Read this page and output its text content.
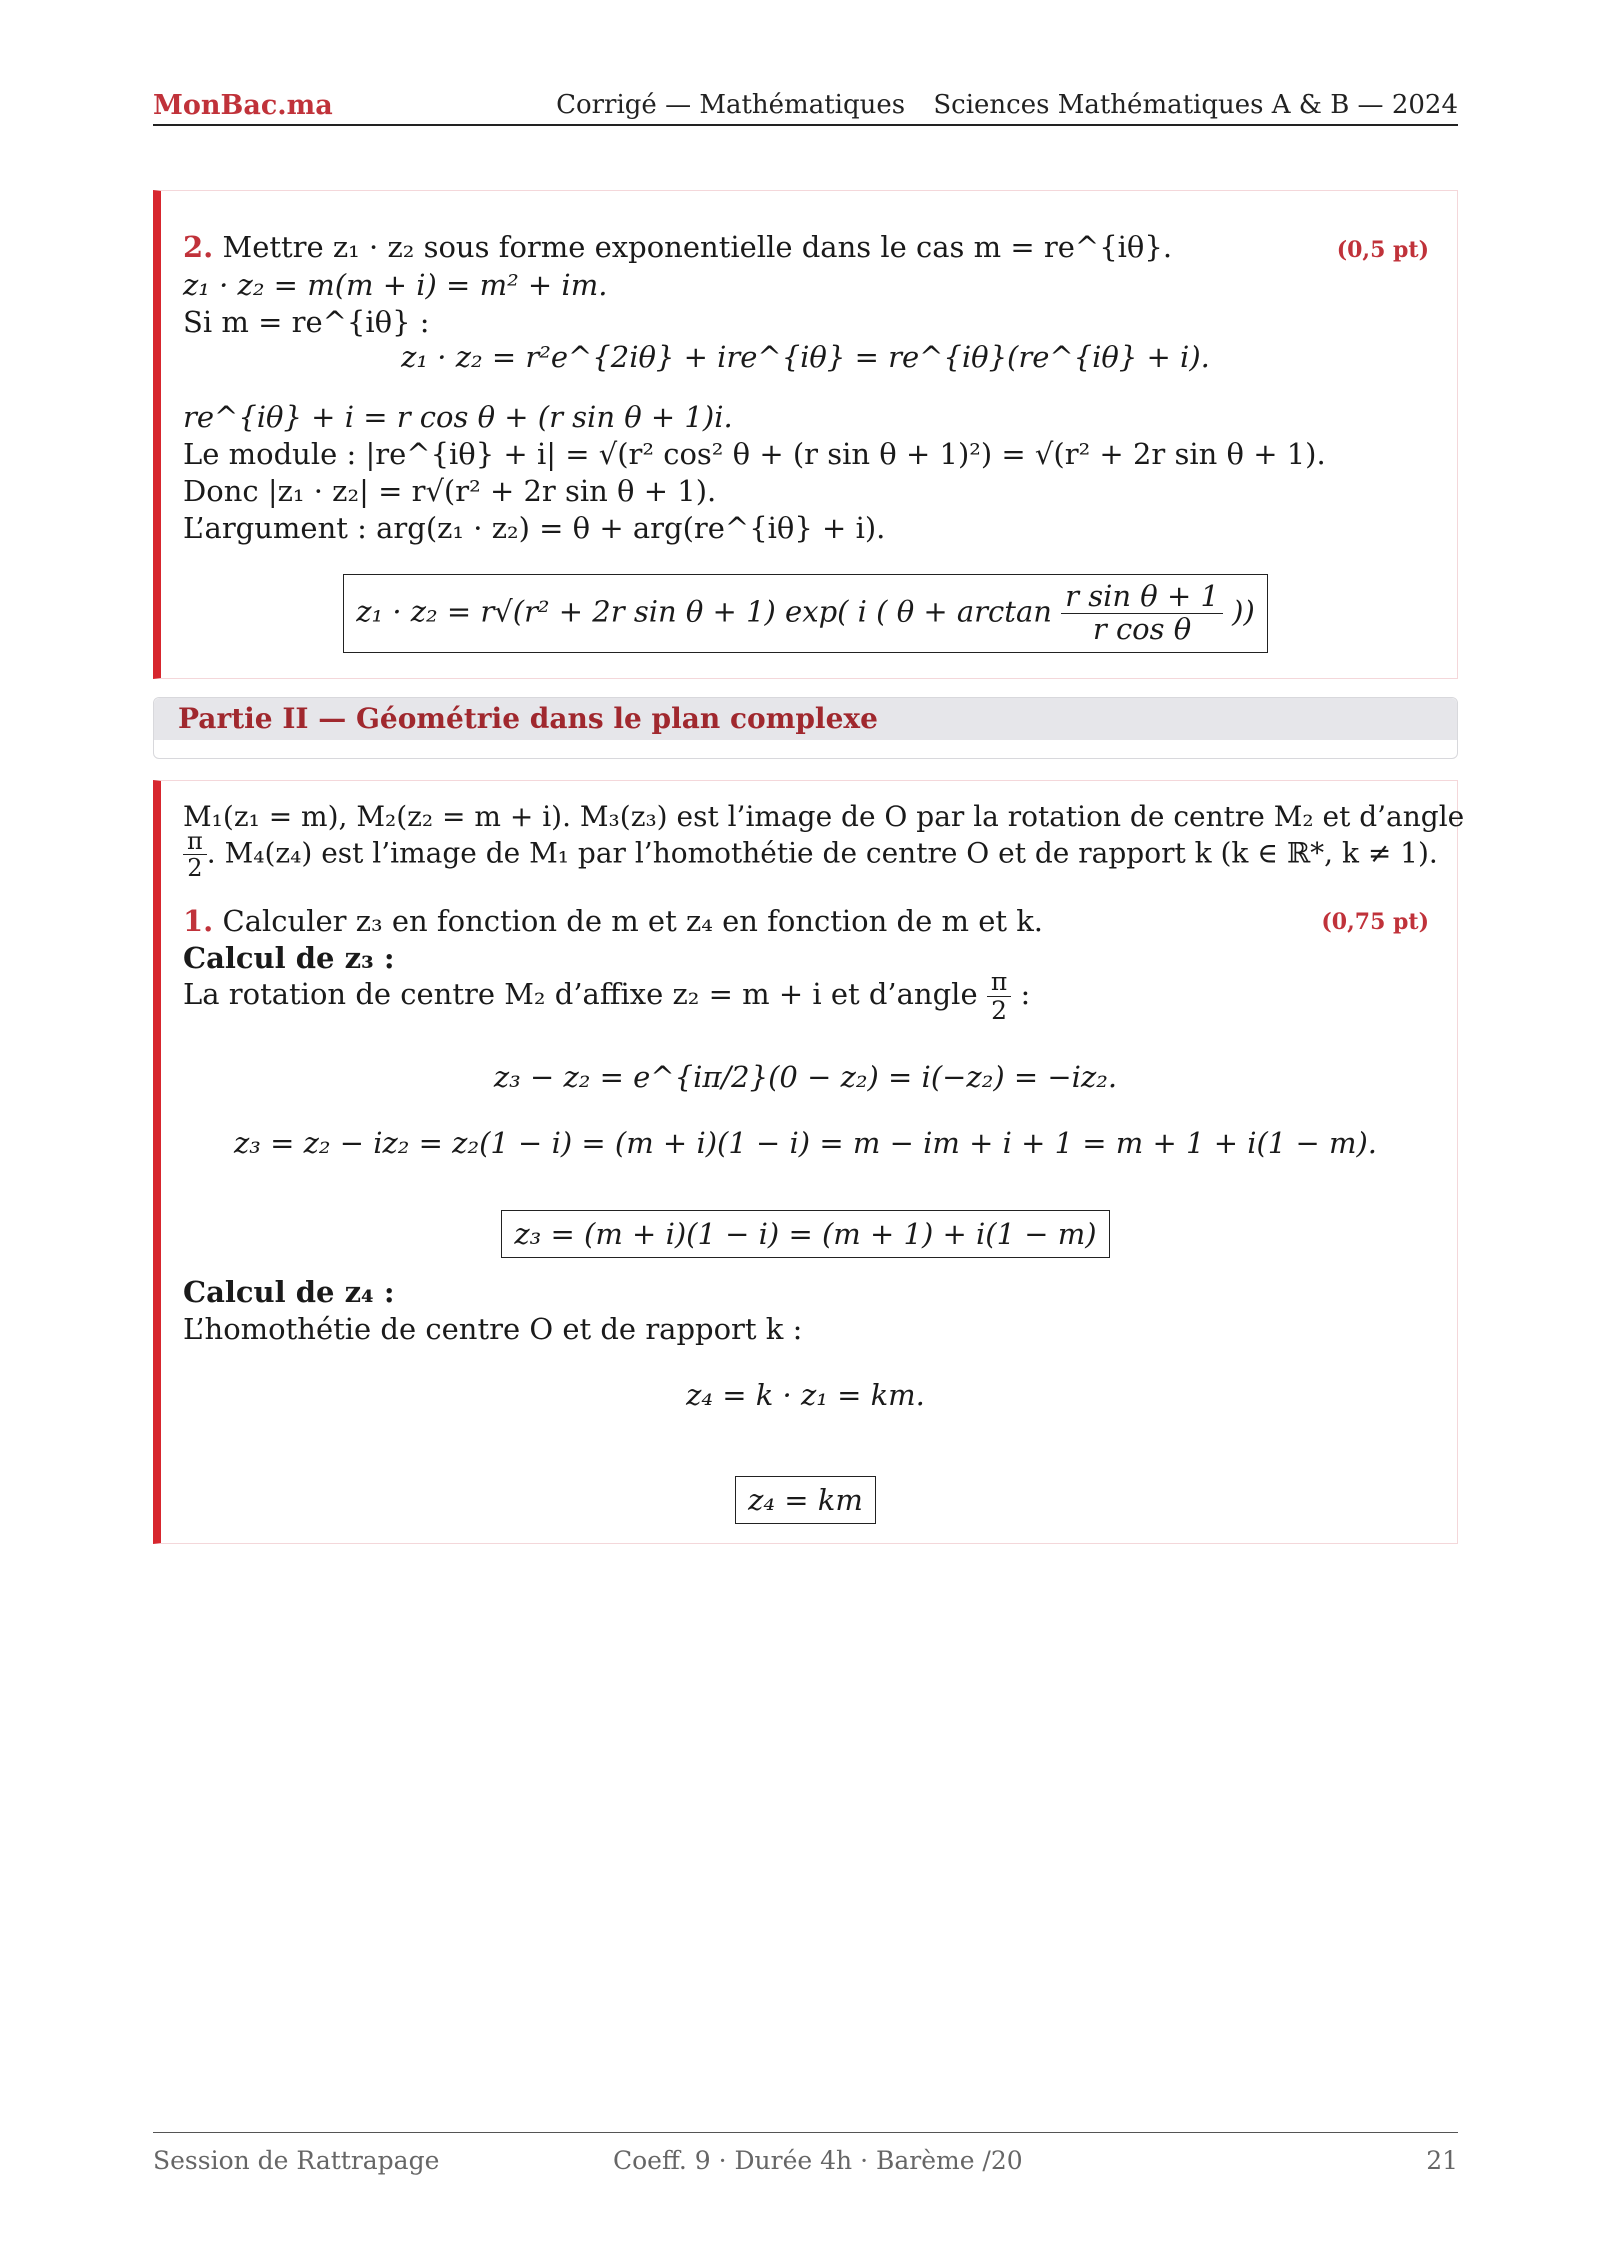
MonBac.ma	Corrigé — Mathématiques Sciences Mathématiques A & B — 2024
(0,5 pt)
2. Mettre z₁ · z₂ sous forme exponentielle dans le cas m = re^{iθ}.
z₁ · z₂ = m(m + i) = m² + im.
Si m = re^{iθ} :
z₁ · z₂ = r²e^{2iθ} + ire^{iθ} = re^{iθ}(re^{iθ} + i).
re^{iθ} + i = r cos θ + (r sin θ + 1)i.
Le module : |re^{iθ} + i| = √(r² cos² θ + (r sin θ + 1)²) = √(r² + 2r sin θ + 1).
Donc |z₁ · z₂| = r√(r² + 2r sin θ + 1).
L’argument : arg(z₁ · z₂) = θ + arg(re^{iθ} + i).
z₁ · z₂ = r√(r² + 2r sin θ + 1) exp( i ( $\theta + \arctan \frac{\text{r sin θ + 1}}{\text{r cos θ}}$ ))
Partie II — Géométrie dans le plan complexe
(0,75 pt)
M₁(z₁ = m), M₂(z₂ = m + i). M₃(z₃) est l’image de O par la rotation de centre M₂ et d’angle
$\frac{\pi}{2}$ . M₄(z₄) est l’image de M₁ par l’homothétie de centre O et de rapport k (k ∈ ℝ*, k ≠ 1).
1. Calculer z₃ en fonction de m et z₄ en fonction de m et k.
Calcul de z₃ :
La rotation de centre M₂ d’affixe z₂ = m + i et d’angle $\frac{\pi}{2}$ :
z₃ − z₂ = e^{iπ/2}(0 − z₂) = i(−z₂) = −iz₂.
z₃ = z₂ − iz₂ = z₂(1 − i) = (m + i)(1 − i) = m − im + i + 1 = m + 1 + i(1 − m).
z₃ = (m + i)(1 − i) = (m + 1) + i(1 − m)
Calcul de z₄ :
L’homothétie de centre O et de rapport k :
z₄ = k · z₁ = km.
z₄ = km
Session de Rattrapage	Coeff. 9 · Durée 4h · Barème /20	21
